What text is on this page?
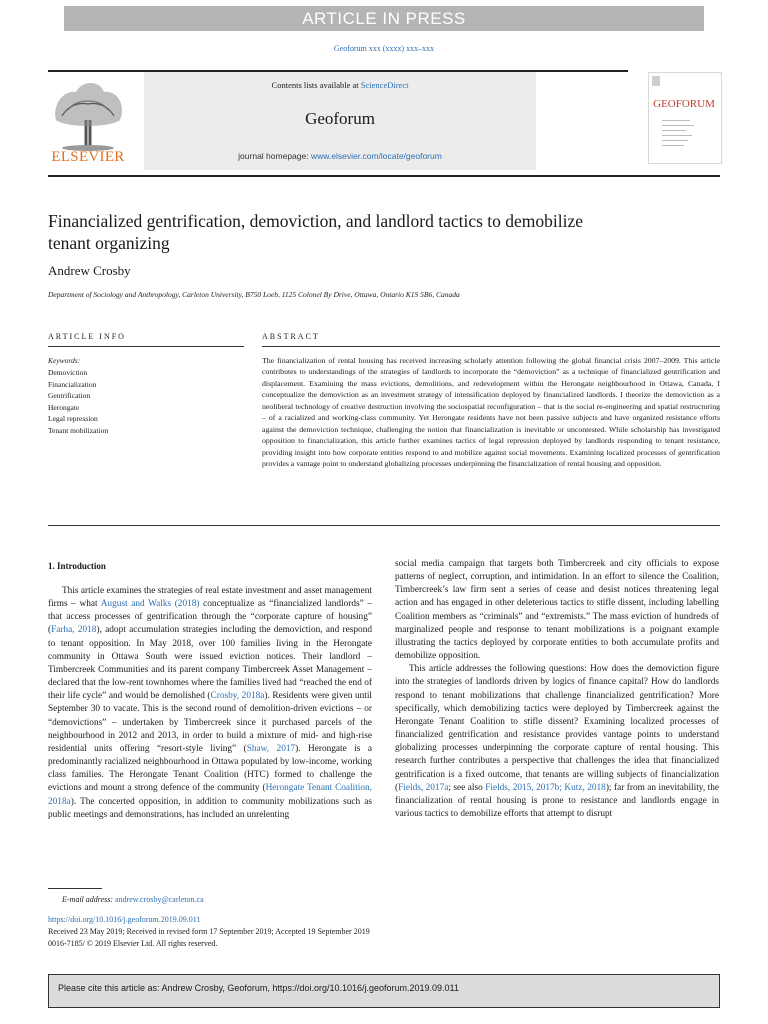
ARTICLE IN PRESS
Geoforum xxx (xxxx) xxx–xxx
ELSEVIER
Contents lists available at ScienceDirect
Geoforum
journal homepage: www.elsevier.com/locate/geoforum
GEOFORUM
Financialized gentrification, demoviction, and landlord tactics to demobilize
tenant organizing
Andrew Crosby
Department of Sociology and Anthropology, Carleton University, B750 Loeb, 1125 Colonel By Drive, Ottawa, Ontario K1S 5B6, Canada
ARTICLE INFO	ABSTRACT
Keywords:
Demoviction
Financialization
Gentrification
Herongate
Legal repression
Tenant mobilization

The financialization of rental housing has received increasing scholarly attention following the global financial crisis 2007–2009. This article contributes to understandings of the strategies of landlords to incorporate the “demoviction” as a technique of financialized gentrification and displacement. Examining the mass evictions, demolitions, and redevelopment within the Herongate neighbourhood in Ottawa, Canada, I conceptualize the demoviction as an investment strategy of intensification deployed by financialized landlords. I theorize the demoviction as a neoliberal technology of creative destruction involving the sociospatial reconfiguration – that is the social re-engineering and spatial restructuring – of a racialized and working-class community. Yet Herongate residents have not been passive subjects and have organized resistance efforts against the demoviction technique, challenging the notion that financialization is inevitable or uncontested. While scholarship has investigated opposition to financialization, this article further examines tactics of legal repression deployed by landlords responding to tenant resistance, providing insight into how corporate entities respond to and mobilize against social movements. Examining localized processes of gentrification provides a vantage point to understand globalizing processes underpinning the financialization of rental housing and opposition.

1. Introduction

This article examines the strategies of real estate investment and asset management firms – what August and Walks (2018) conceptualize as “financialized landlords” – that access processes of gentrification through the “corporate capture of housing” (Farha, 2018), adopt accumulation strategies including the demoviction, and respond to tenant opposition. In May 2018, over 100 families living in the Herongate community in Ottawa South were issued eviction notices. Their landlord – Timbercreek Communities and its parent company Timbercreek Asset Management – declared that the low-rent townhomes where the families lived had “reached the end of their life cycle” and would be demolished (Crosby, 2018a). Residents were given until September 30 to vacate. This is the second round of demolition-driven evictions – or “demovictions” – undertaken by Timbercreek since it purchased parcels of the neighbourhood in 2012 and 2013, in order to build a mixture of mid- and high-rise residential units offering “resort-style living” (Shaw, 2017). Herongate is a predominantly racialized neighbourhood in Ottawa populated by low-income, working class families. The Herongate Tenant Coalition (HTC) formed to challenge the evictions and mount a strong defence of the community (Herongate Tenant Coalition, 2018a). The concerted opposition, in addition to community mobilizations such as public meetings and demonstrations, has included an unrelenting

social media campaign that targets both Timbercreek and city officials to expose patterns of neglect, corruption, and intimidation. In an effort to silence the Coalition, Timbercreek’s law firm sent a series of cease and desist notices threatening legal action and has engaged in other deleterious tactics to stifle dissent, including labelling Coalition members as “criminals” and “extremists.” The mass eviction of hundreds of marginalized people and response to tenant mobilizations is a poignant example illustrating the tactics deployed by corporate entities to both accumulate profits and demobilize opposition.

This article addresses the following questions: How does the demoviction figure into the strategies of landlords driven by logics of finance capital? How do landlords respond to tenant mobilizations that challenge financialized gentrification? More specifically, which demobilizing tactics were deployed by Timbercreek against the Herongate Tenant Coalition to stifle dissent? Examining localized processes of financialized gentrification and resistance provides vantage points to understand globalizing processes underpinning the corporate capture of rental housing. This research further contributes a perspective that challenges the idea that financialized gentrification is a fixed outcome, that tenants are willing subjects of financialization (Fields, 2017a; see also Fields, 2015, 2017b; Kutz, 2018); far from an inevitability, the financialization of rental housing is prone to resistance and landlords engage in various tactics to demobilize efforts that attempt to disrupt

E-mail address: andrew.crosby@carleton.ca
https://doi.org/10.1016/j.geoforum.2019.09.011
Received 23 May 2019; Received in revised form 17 September 2019; Accepted 19 September 2019
0016-7185/ © 2019 Elsevier Ltd. All rights reserved.
Please cite this article as: Andrew Crosby, Geoforum, https://doi.org/10.1016/j.geoforum.2019.09.011
